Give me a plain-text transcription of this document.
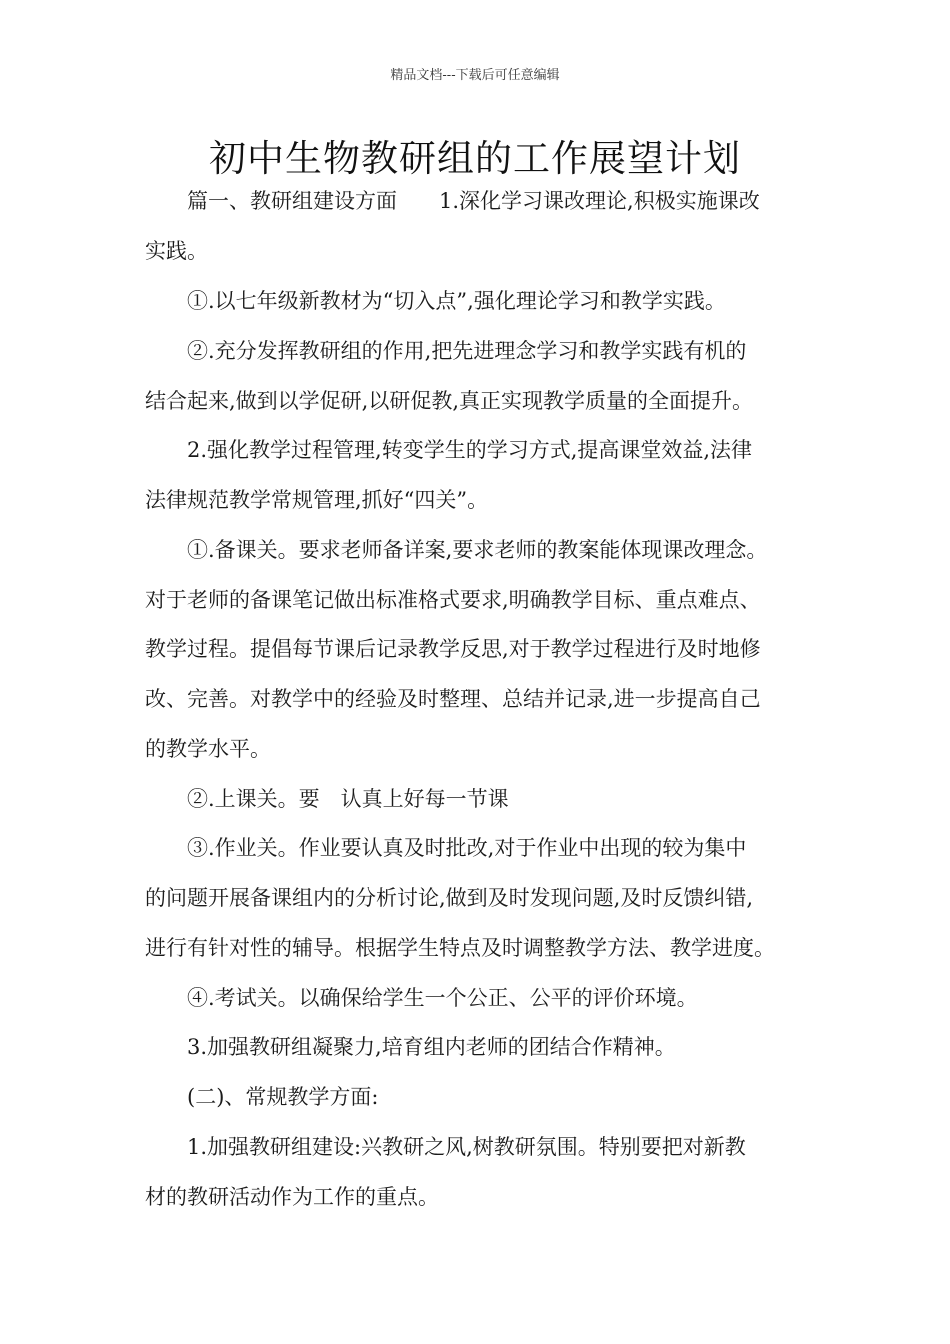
精品文档---下载后可任意编辑
初中生物教研组的工作展望计划
篇一、教研组建设方面　　1.深化学习课改理论,积极实施课改
实践。
①.以七年级新教材为“切入点”,强化理论学习和教学实践。
②.充分发挥教研组的作用,把先进理念学习和教学实践有机的
结合起来,做到以学促研,以研促教,真正实现教学质量的全面提升。
2.强化教学过程管理,转变学生的学习方式,提高课堂效益,法律
法律规范教学常规管理,抓好“四关”。
①.备课关。要求老师备详案,要求老师的教案能体现课改理念。
对于老师的备课笔记做出标准格式要求,明确教学目标、重点难点、
教学过程。提倡每节课后记录教学反思,对于教学过程进行及时地修
改、完善。对教学中的经验及时整理、总结并记录,进一步提高自己
的教学水平。
②.上课关。要　认真上好每一节课
③.作业关。作业要认真及时批改,对于作业中出现的较为集中
的问题开展备课组内的分析讨论,做到及时发现问题,及时反馈纠错,
进行有针对性的辅导。根据学生特点及时调整教学方法、教学进度。
④.考试关。以确保给学生一个公正、公平的评价环境。
3.加强教研组凝聚力,培育组内老师的团结合作精神。
(二)、常规教学方面:
1.加强教研组建设:兴教研之风,树教研氛围。特别要把对新教
材的教研活动作为工作的重点。
